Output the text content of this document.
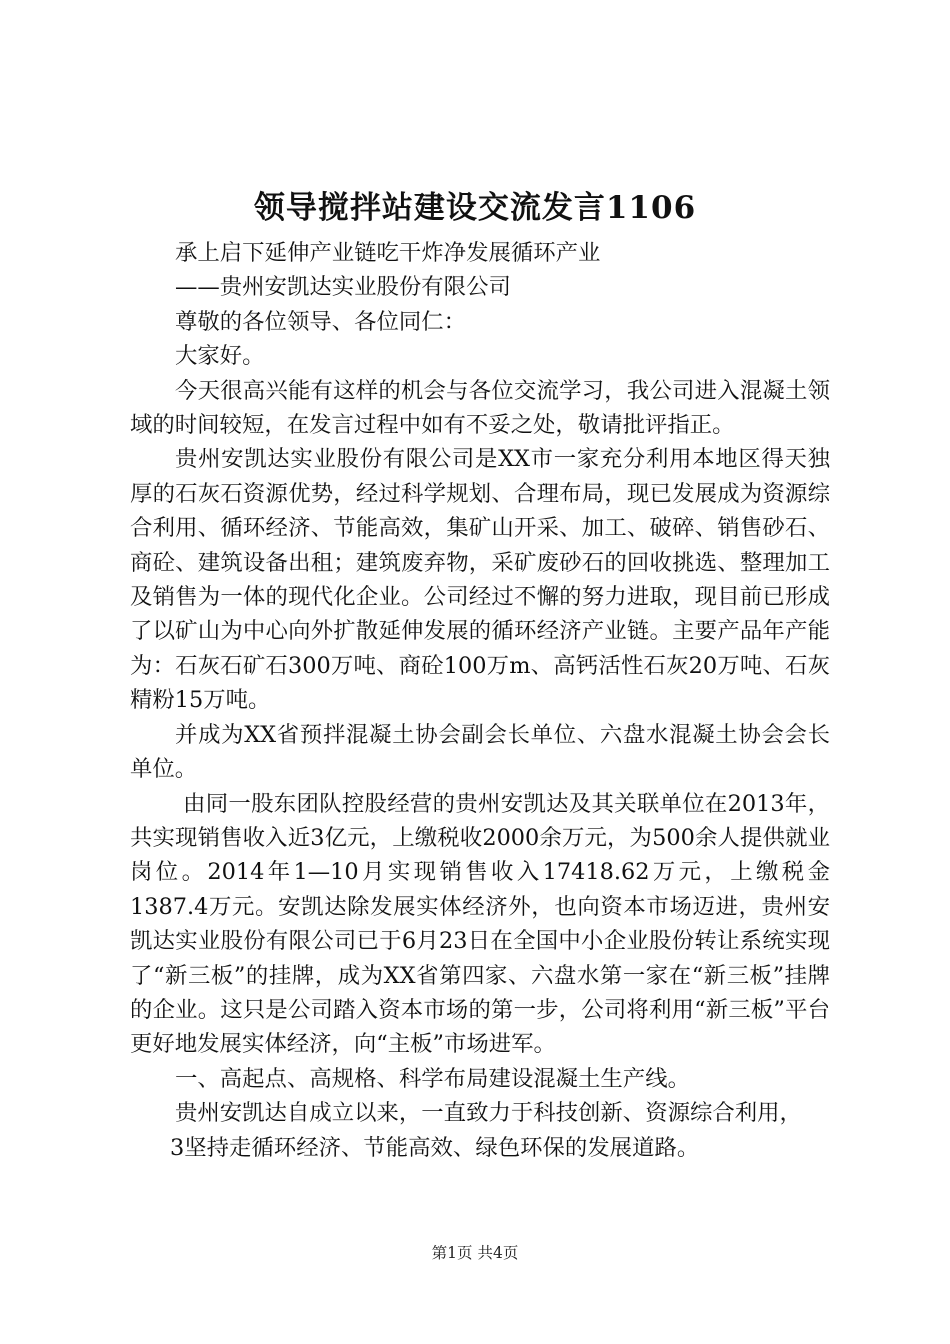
领导搅拌站建设交流发言1106

承上启下延伸产业链吃干炸净发展循环产业

——贵州安凯达实业股份有限公司

尊敬的各位领导、各位同仁：

大家好。

今天很高兴能有这样的机会与各位交流学习，我公司进入混凝土领域的时间较短，在发言过程中如有不妥之处，敬请批评指正。

贵州安凯达实业股份有限公司是XX市一家充分利用本地区得天独厚的石灰石资源优势，经过科学规划、合理布局，现已发展成为资源综合利用、循环经济、节能高效，集矿山开采、加工、破碎、销售砂石、商砼、建筑设备出租；建筑废弃物，采矿废砂石的回收挑选、整理加工及销售为一体的现代化企业。公司经过不懈的努力进取，现目前已形成了以矿山为中心向外扩散延伸发展的循环经济产业链。主要产品年产能为：石灰石矿石300万吨、商砼100万m、高钙活性石灰20万吨、石灰精粉15万吨。

并成为XX省预拌混凝土协会副会长单位、六盘水混凝土协会会长单位。

由同一股东团队控股经营的贵州安凯达及其关联单位在2013年，共实现销售收入近3亿元，上缴税收2000余万元，为500余人提供就业岗位。2014年1—10月实现销售收入17418.62万元，上缴税金1387.4万元。安凯达除发展实体经济外，也向资本市场迈进，贵州安凯达实业股份有限公司已于6月23日在全国中小企业股份转让系统实现了“新三板”的挂牌，成为XX省第四家、六盘水第一家在“新三板”挂牌的企业。这只是公司踏入资本市场的第一步，公司将利用“新三板”平台更好地发展实体经济，向“主板”市场进军。

一、高起点、高规格、科学布局建设混凝土生产线。

贵州安凯达自成立以来，一直致力于科技创新、资源综合利用，

3坚持走循环经济、节能高效、绿色环保的发展道路。

第1页 共4页
